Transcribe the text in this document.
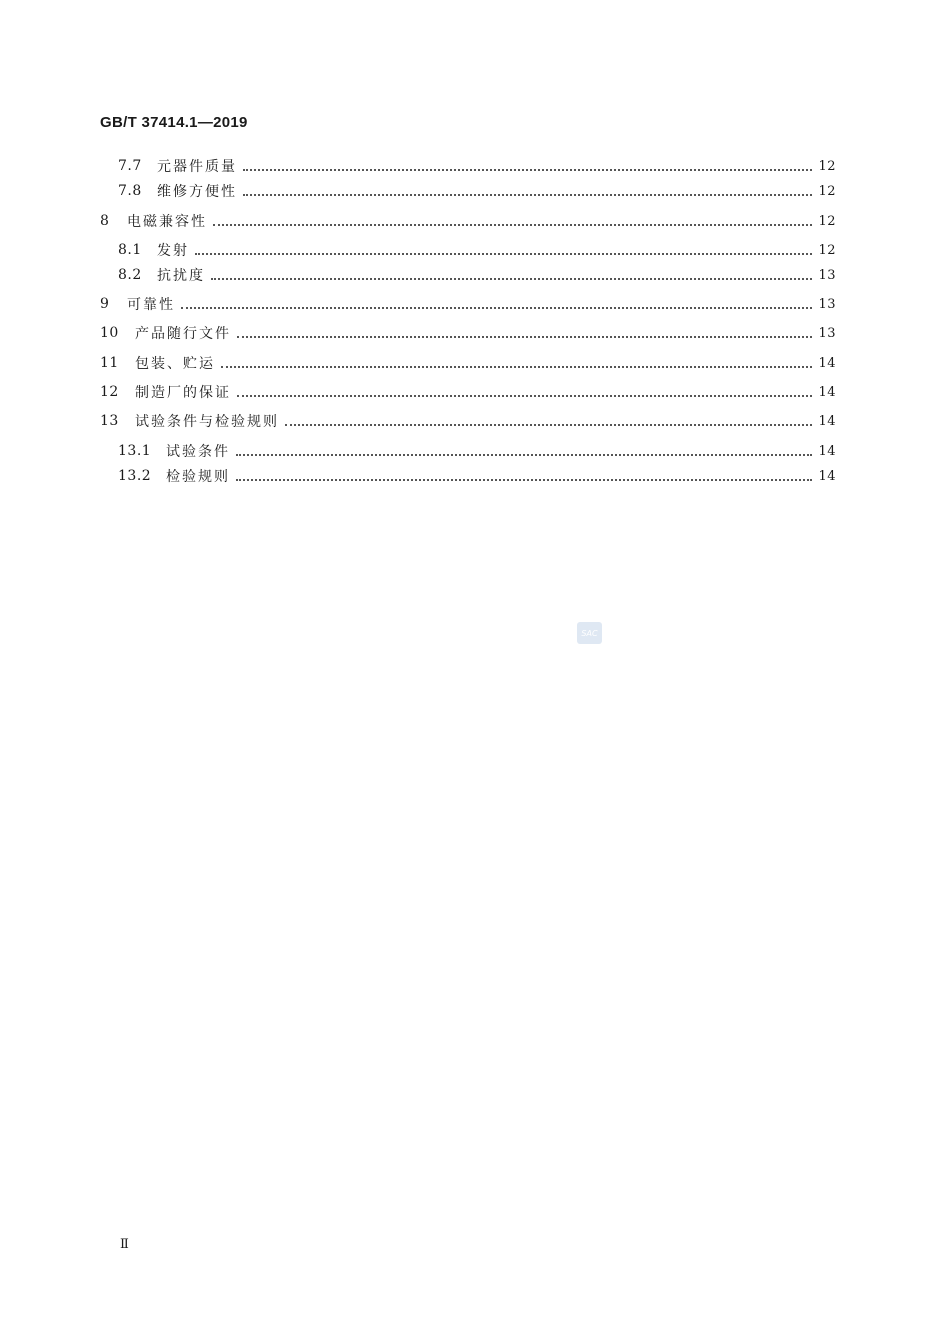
GB/T 37414.1—2019
7.7	元器件质量	12
7.8	维修方便性	12
8	电磁兼容性	12
8.1	发射	12
8.2	抗扰度	13
9	可靠性	13
10	产品随行文件	13
11	包装、贮运	14
12	制造厂的保证	14
13	试验条件与检验规则	14
13.1	试验条件	14
13.2	检验规则	14
SAC
Ⅱ
